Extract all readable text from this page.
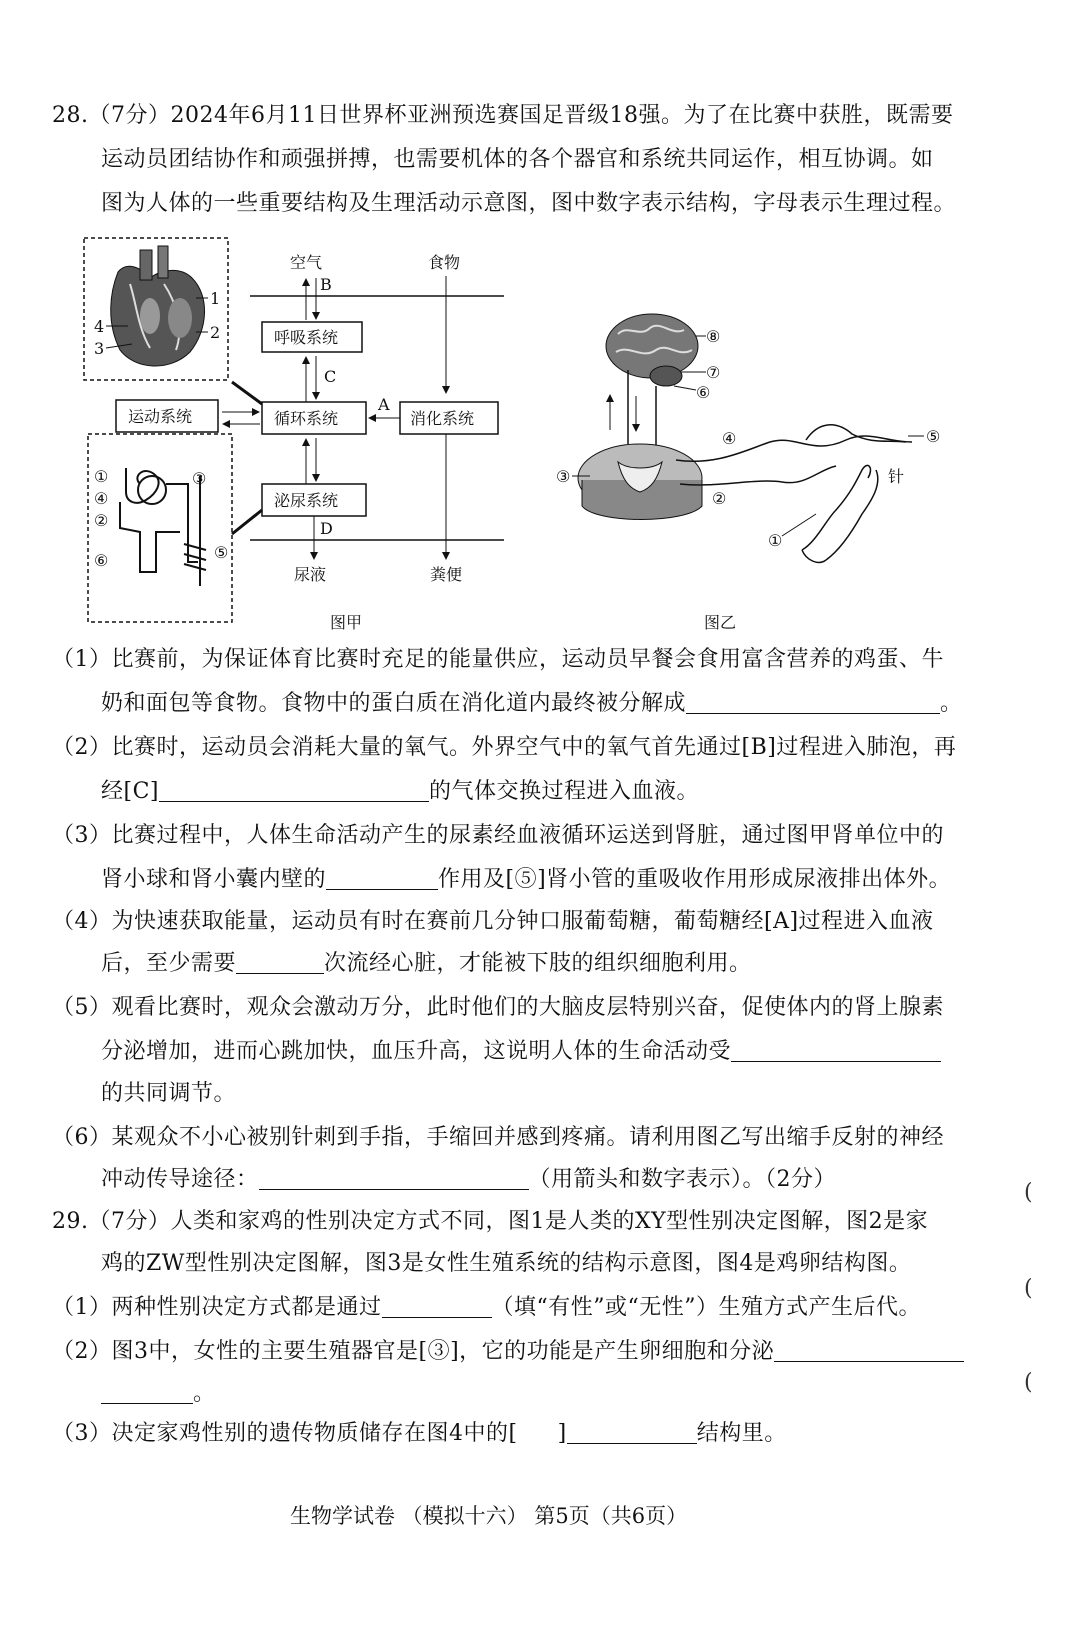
28.（7分）2024年6月11日世界杯亚洲预选赛国足晋级18强。为了在比赛中获胜，既需要
运动员团结协作和顽强拼搏，也需要机体的各个器官和系统共同运作，相互协调。如
图为人体的一些重要结构及生理活动示意图，图中数字表示结构，字母表示生理过程。
1
2
4
3
空气	食物
B
呼吸系统
C
循环系统	消化系统
A
运动系统
泌尿系统
D
尿液	粪便
①
④
②
⑥
③
⑤
图甲
⑧
⑦
⑥
③
④
②
⑤
针
①
图乙
（1）比赛前，为保证体育比赛时充足的能量供应，运动员早餐会食用富含营养的鸡蛋、牛
奶和面包等食物。食物中的蛋白质在消化道内最终被分解成	。
（2）比赛时，运动员会消耗大量的氧气。外界空气中的氧气首先通过[B]过程进入肺泡，再
经[C]	的气体交换过程进入血液。
（3）比赛过程中，人体生命活动产生的尿素经血液循环运送到肾脏，通过图甲肾单位中的
肾小球和肾小囊内壁的	作用及[⑤]肾小管的重吸收作用形成尿液排出体外。
（4）为快速获取能量，运动员有时在赛前几分钟口服葡萄糖，葡萄糖经[A]过程进入血液
后，至少需要	次流经心脏，才能被下肢的组织细胞利用。
（5）观看比赛时，观众会激动万分，此时他们的大脑皮层特别兴奋，促使体内的肾上腺素
分泌增加，进而心跳加快，血压升高，这说明人体的生命活动受
的共同调节。
（6）某观众不小心被别针刺到手指，手缩回并感到疼痛。请利用图乙写出缩手反射的神经
冲动传导途径：	（用箭头和数字表示）。（2分）
29.（7分）人类和家鸡的性别决定方式不同，图1是人类的XY型性别决定图解，图2是家
鸡的ZW型性别决定图解，图3是女性生殖系统的结构示意图，图4是鸡卵结构图。
（1）两种性别决定方式都是通过	（填“有性”或“无性”）生殖方式产生后代。
（2）图3中，女性的主要生殖器官是[③]，它的功能是产生卵细胞和分泌
。
（3）决定家鸡性别的遗传物质储存在图4中的[ ]	结构里。
生物学试卷 （模拟十六） 第5页（共6页）
(
(
(
